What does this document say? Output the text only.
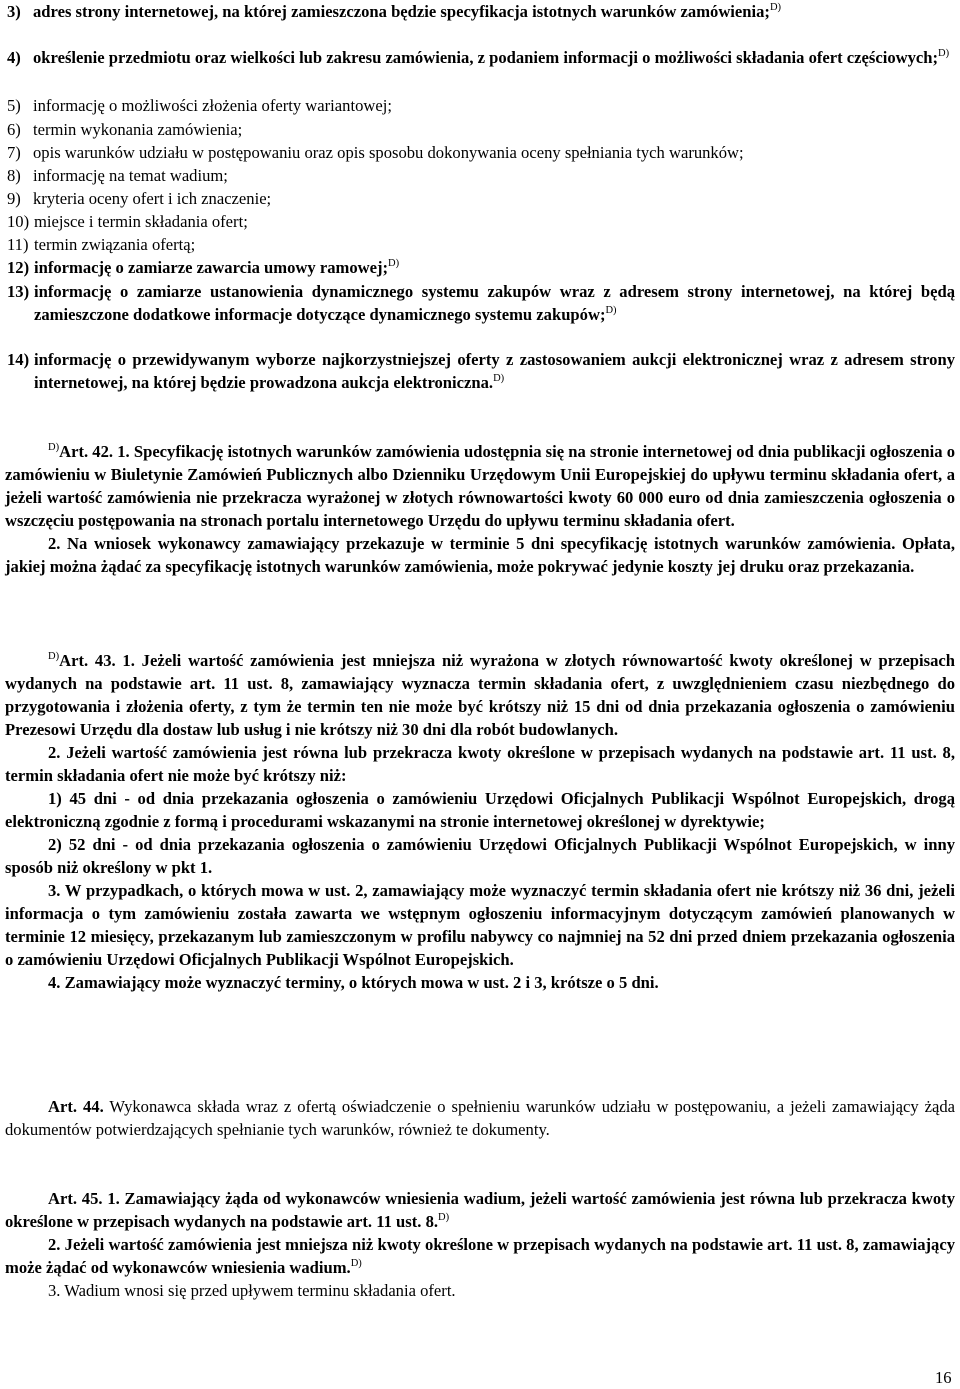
3) adres strony internetowej, na której zamieszczona będzie specyfikacja istotnych warunków zamówienia;$^{D)}$
4) określenie przedmiotu oraz wielkości lub zakresu zamówienia, z podaniem informacji o możliwości składania ofert częściowych;$^{D)}$
5) informację o możliwości złożenia oferty wariantowej;
6) termin wykonania zamówienia;
7) opis warunków udziału w postępowaniu oraz opis sposobu dokonywania oceny spełniania tych warunków;
8) informację na temat wadium;
9) kryteria oceny ofert i ich znaczenie;
10) miejsce i termin składania ofert;
11) termin związania ofertą;
12) informację o zamiarze zawarcia umowy ramowej;$^{D)}$
13) informację o zamiarze ustanowienia dynamicznego systemu zakupów wraz z adresem strony internetowej, na której będą zamieszczone dodatkowe informacje dotyczące dynamicznego systemu zakupów;$^{D)}$
14) informację o przewidywanym wyborze najkorzystniejszej oferty z zastosowaniem aukcji elektronicznej wraz z adresem strony internetowej, na której będzie prowadzona aukcja elektroniczna.$^{D)}$

$^{D)}$Art. 42. 1. Specyfikację istotnych warunków zamówienia udostępnia się na stronie internetowej od dnia publikacji ogłoszenia o zamówieniu w Biuletynie Zamówień Publicznych albo Dzienniku Urzędowym Unii Europejskiej do upływu terminu składania ofert, a jeżeli wartość zamówienia nie przekracza wyrażonej w złotych równowartości kwoty 60 000 euro od dnia zamieszczenia ogłoszenia o wszczęciu postępowania na stronach portalu internetowego Urzędu do upływu terminu składania ofert.

2. Na wniosek wykonawcy zamawiający przekazuje w terminie 5 dni specyfikację istotnych warunków zamówienia. Opłata, jakiej można żądać za specyfikację istotnych warunków zamówienia, może pokrywać jedynie koszty jej druku oraz przekazania.

$^{D)}$Art. 43. 1. Jeżeli wartość zamówienia jest mniejsza niż wyrażona w złotych równowartość kwoty określonej w przepisach wydanych na podstawie art. 11 ust. 8, zamawiający wyznacza termin składania ofert, z uwzględnieniem czasu niezbędnego do przygotowania i złożenia oferty, z tym że termin ten nie może być krótszy niż 15 dni od dnia przekazania ogłoszenia o zamówieniu Prezesowi Urzędu dla dostaw lub usług i nie krótszy niż 30 dni dla robót budowlanych.

2. Jeżeli wartość zamówienia jest równa lub przekracza kwoty określone w przepisach wydanych na podstawie art. 11 ust. 8, termin składania ofert nie może być krótszy niż:

1) 45 dni - od dnia przekazania ogłoszenia o zamówieniu Urzędowi Oficjalnych Publikacji Wspólnot Europejskich, drogą elektroniczną zgodnie z formą i procedurami wskazanymi na stronie internetowej określonej w dyrektywie;

2) 52 dni - od dnia przekazania ogłoszenia o zamówieniu Urzędowi Oficjalnych Publikacji Wspólnot Europejskich, w inny sposób niż określony w pkt 1.

3. W przypadkach, o których mowa w ust. 2, zamawiający może wyznaczyć termin składania ofert nie krótszy niż 36 dni, jeżeli informacja o tym zamówieniu została zawarta we wstępnym ogłoszeniu informacyjnym dotyczącym zamówień planowanych w terminie 12 miesięcy, przekazanym lub zamieszczonym w profilu nabywcy co najmniej na 52 dni przed dniem przekazania ogłoszenia o zamówieniu Urzędowi Oficjalnych Publikacji Wspólnot Europejskich.

4. Zamawiający może wyznaczyć terminy, o których mowa w ust. 2 i 3, krótsze o 5 dni.

Art. 44. Wykonawca składa wraz z ofertą oświadczenie o spełnieniu warunków udziału w postępowaniu, a jeżeli zamawiający żąda dokumentów potwierdzających spełnianie tych warunków, również te dokumenty.

Art. 45. 1. Zamawiający żąda od wykonawców wniesienia wadium, jeżeli wartość zamówienia jest równa lub przekracza kwoty określone w przepisach wydanych na podstawie art. 11 ust. 8.$^{D)}$

2. Jeżeli wartość zamówienia jest mniejsza niż kwoty określone w przepisach wydanych na podstawie art. 11 ust. 8, zamawiający może żądać od wykonawców wniesienia wadium.$^{D)}$

3. Wadium wnosi się przed upływem terminu składania ofert.

16
